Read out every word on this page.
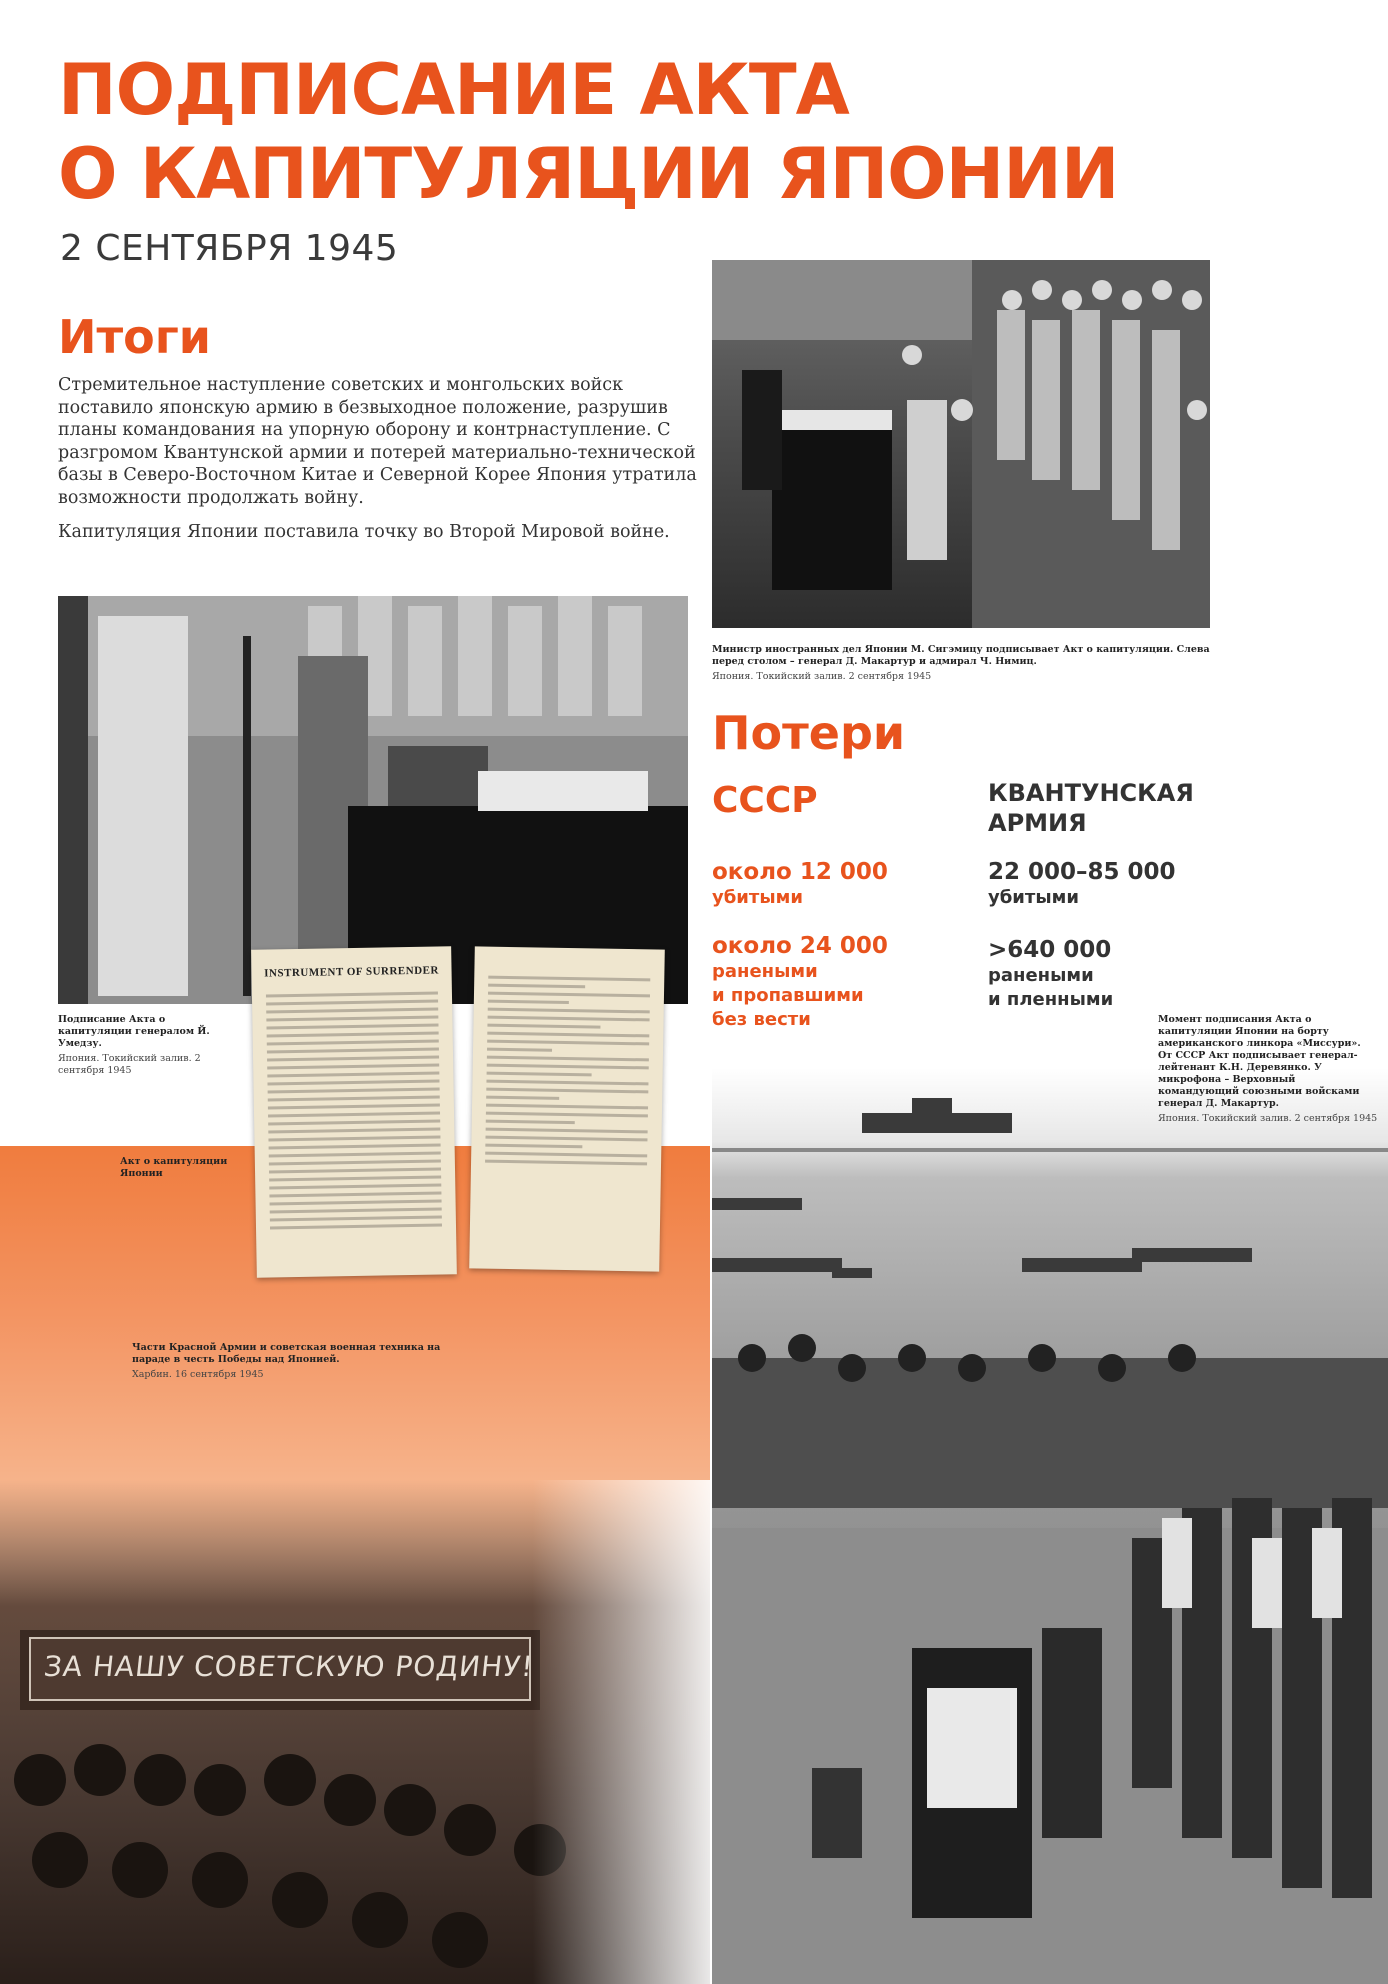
ПОДПИСАНИЕ АКТА
О КАПИТУЛЯЦИИ ЯПОНИИ
2 СЕНТЯБРЯ 1945
Итоги

Стремительное наступление советских и монгольских войск поставило японскую армию в безвыходное положение, разрушив планы командования на упорную оборону и контрнаступление. С разгромом Квантунской армии и потерей материально-технической базы в Северо-Восточном Китае и Северной Корее Япония утратила возможности продолжать войну.

Капитуляция Японии поставила точку во Второй Мировой войне.

Министр иностранных дел Японии М. Сигэмицу подписывает Акт о капитуляции. Слева перед столом – генерал Д. Макартур и адмирал Ч. Нимиц.
Япония. Токийский залив. 2 сентября 1945
Подписание Акта о капитуляции генералом Й. Умедзу.
Япония. Токийский залив. 2 сентября 1945
INSTRUMENT OF SURRENDER
Акт о капитуляции Японии
Части Красной Армии и советская военная техника на параде в честь Победы над Японией.
Харбин. 16 сентября 1945
ЗА НАШУ СОВЕТСКУЮ РОДИНУ!
Момент подписания Акта о капитуляции Японии на борту американского линкора «Миссури». От СССР Акт подписывает генерал-лейтенант К.Н. Деревянко. У микрофона – Верховный командующий союзными войсками генерал Д. Макартур.
Япония. Токийский залив. 2 сентября 1945
Потери
СССР	КВАНТУНСКАЯ
АРМИЯ
около 12 000
убитыми
около 24 000
ранеными
и пропавшими
без вести
22 000–85 000
убитыми
>640 000
ранеными
и пленными
